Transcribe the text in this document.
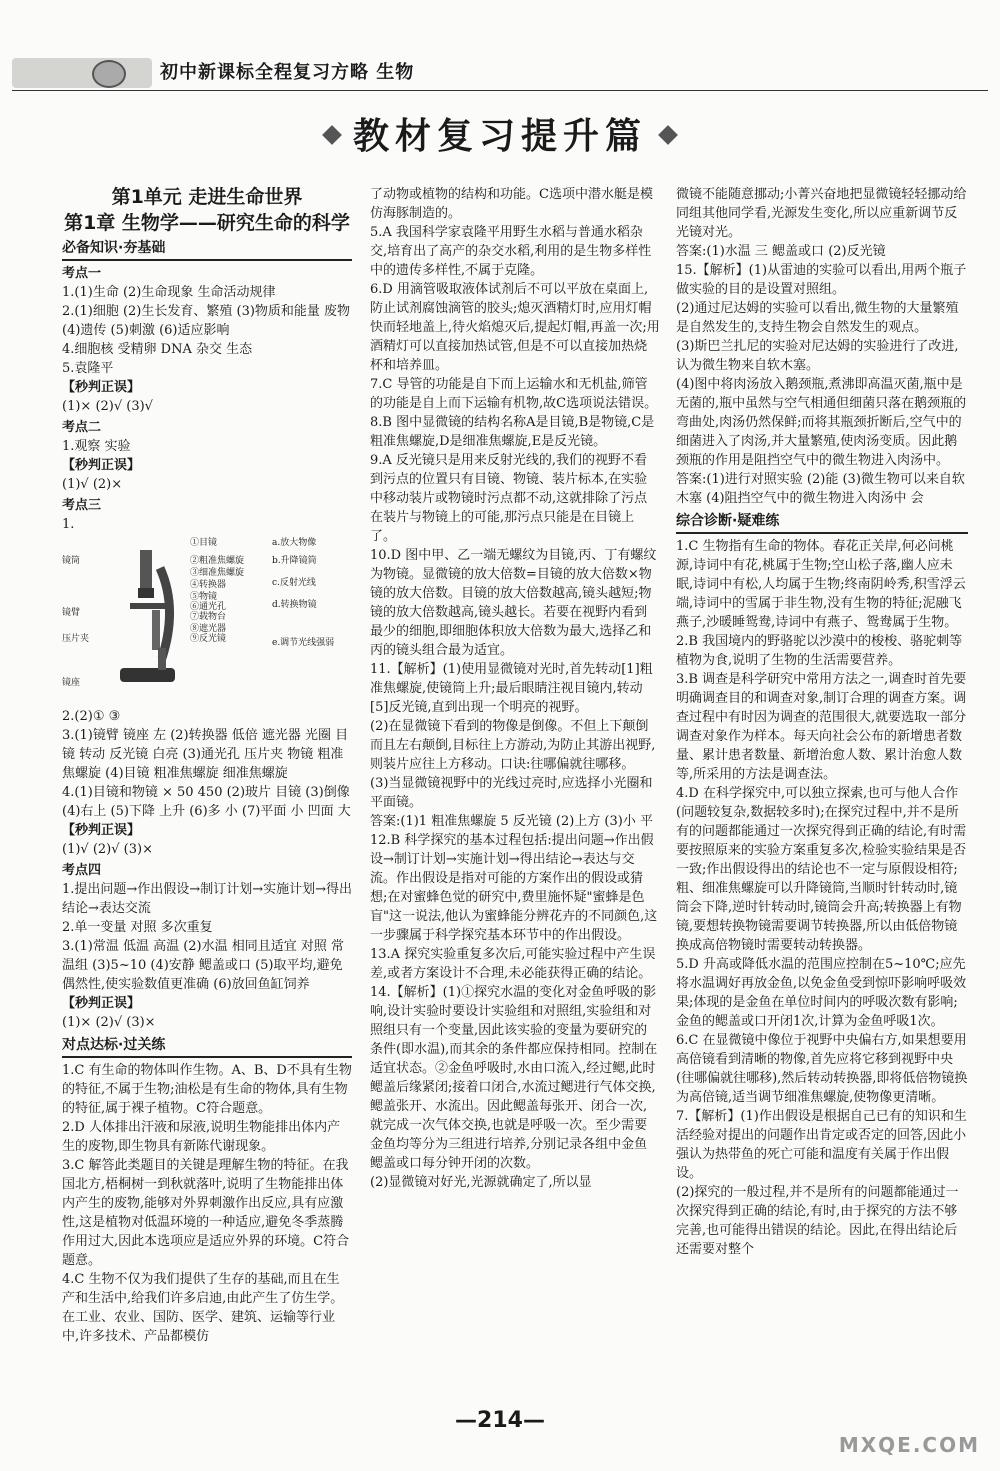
初中新课标全程复习方略 生物
教材复习提升篇
第1单元 走进生命世界
第1章 生物学——研究生命的科学
必备知识·夯基础
考点一

1.(1)生命 (2)生命现象 生命活动规律

2.(1)细胞 (2)生长发育、繁殖 (3)物质和能量 废物 (4)遗传 (5)刺激 (6)适应影响

4.细胞核 受精卵 DNA 杂交 生态

5.袁隆平

【秒判正误】

(1)× (2)√ (3)√

考点二

1.观察 实验

【秒判正误】

(1)√ (2)×

考点三

1.

①目镜
②粗准焦螺旋
③细准焦螺旋
④转换器
⑤物镜
⑥通光孔
⑦载物台
⑧遮光器
⑨反光镜
镜筒
镜臂
压片夹
镜座
a.放大物像
b.升降镜筒
c.反射光线
d.转换物镜
e.调节光线强弱

2.(2)① ③

3.(1)镜臂 镜座 左 (2)转换器 低倍 遮光器 光圈 目镜 转动 反光镜 白亮 (3)通光孔 压片夹 物镜 粗准焦螺旋 (4)目镜 粗准焦螺旋 细准焦螺旋

4.(1)目镜和物镜 × 50 450 (2)玻片 目镜 (3)倒像 (4)右上 (5)下降 上升 (6)多 小 (7)平面 小 凹面 大

【秒判正误】

(1)√ (2)√ (3)×

考点四

1.提出问题→作出假设→制订计划→实施计划→得出结论→表达交流

2.单一变量 对照 多次重复

3.(1)常温 低温 高温 (2)水温 相同且适宜 对照 常温组 (3)5~10 (4)安静 鳃盖或口 (5)取平均,避免偶然性,使实验数值更准确 (6)放回鱼缸饲养

【秒判正误】

(1)× (2)√ (3)×

对点达标·过关练

1.C 有生命的物体叫作生物。A、B、D不具有生物的特征,不属于生物;油松是有生命的物体,具有生物的特征,属于裸子植物。C符合题意。

2.D 人体排出汗液和尿液,说明生物能排出体内产生的废物,即生物具有新陈代谢现象。

3.C 解答此类题目的关键是理解生物的特征。在我国北方,梧桐树一到秋就落叶,说明了生物能排出体内产生的废物,能够对外界刺激作出反应,具有应激性,这是植物对低温环境的一种适应,避免冬季蒸腾作用过大,因此本选项应是适应外界的环境。C符合题意。

4.C 生物不仅为我们提供了生存的基础,而且在生产和生活中,给我们许多启迪,由此产生了仿生学。在工业、农业、国防、医学、建筑、运输等行业中,许多技术、产品都模仿

了动物或植物的结构和功能。C选项中潜水艇是模仿海豚制造的。

5.A 我国科学家袁隆平用野生水稻与普通水稻杂交,培育出了高产的杂交水稻,利用的是生物多样性中的遗传多样性,不属于克隆。

6.D 用滴管吸取液体试剂后不可以平放在桌面上,防止试剂腐蚀滴管的胶头;熄灭酒精灯时,应用灯帽快而轻地盖上,待火焰熄灭后,提起灯帽,再盖一次;用酒精灯可以直接加热试管,但是不可以直接加热烧杯和培养皿。

7.C 导管的功能是自下而上运输水和无机盐,筛管的功能是自上而下运输有机物,故C选项说法错误。

8.B 图中显微镜的结构名称A是目镜,B是物镜,C是粗准焦螺旋,D是细准焦螺旋,E是反光镜。

9.A 反光镜只是用来反射光线的,我们的视野不看到污点的位置只有目镜、物镜、装片标本,在实验中移动装片或物镜时污点都不动,这就排除了污点在装片与物镜上的可能,那污点只能是在目镜上了。

10.D 图中甲、乙一端无螺纹为目镜,丙、丁有螺纹为物镜。显微镜的放大倍数=目镜的放大倍数×物镜的放大倍数。目镜的放大倍数越高,镜头越短;物镜的放大倍数越高,镜头越长。若要在视野内看到最少的细胞,即细胞体积放大倍数为最大,选择乙和丙的镜头组合最为适宜。

11.【解析】(1)使用显微镜对光时,首先转动[1]粗准焦螺旋,使镜筒上升;最后眼睛注视目镜内,转动[5]反光镜,直到出现一个明亮的视野。

(2)在显微镜下看到的物像是倒像。不但上下颠倒而且左右颠倒,目标往上方游动,为防止其游出视野,则装片应往上方移动。口诀:往哪偏就往哪移。

(3)当显微镜视野中的光线过亮时,应选择小光圈和平面镜。

答案:(1)1 粗准焦螺旋 5 反光镜 (2)上方 (3)小 平

12.B 科学探究的基本过程包括:提出问题→作出假设→制订计划→实施计划→得出结论→表达与交流。作出假设是指对可能的方案作出的假设或猜想;在对蜜蜂色觉的研究中,费里施怀疑"蜜蜂是色盲"这一说法,他认为蜜蜂能分辨花卉的不同颜色,这一步骤属于科学探究基本环节中的作出假设。

13.A 探究实验重复多次后,可能实验过程中产生误差,或者方案设计不合理,未必能获得正确的结论。

14.【解析】(1)①探究水温的变化对金鱼呼吸的影响,设计实验时要设计实验组和对照组,实验组和对照组只有一个变量,因此该实验的变量为要研究的条件(即水温),而其余的条件都应保持相同。控制在适宜状态。②金鱼呼吸时,水由口流入,经过鳃,此时鳃盖后缘紧闭;接着口闭合,水流过鳃进行气体交换,鳃盖张开、水流出。因此鳃盖每张开、闭合一次,就完成一次气体交换,也就是呼吸一次。至少需要金鱼均等分为三组进行培养,分别记录各组中金鱼鳃盖或口每分钟开闭的次数。

(2)显微镜对好光,光源就确定了,所以显

微镜不能随意挪动;小菁兴奋地把显微镜轻轻挪动给同组其他同学看,光源发生变化,所以应重新调节反光镜对光。

答案:(1)水温 三 鳃盖或口 (2)反光镜

15.【解析】(1)从雷迪的实验可以看出,用两个瓶子做实验的目的是设置对照组。

(2)通过尼达姆的实验可以看出,微生物的大量繁殖是自然发生的,支持生物会自然发生的观点。

(3)斯巴兰扎尼的实验对尼达姆的实验进行了改进,认为微生物来自软木塞。

(4)图中将肉汤放入鹅颈瓶,煮沸即高温灭菌,瓶中是无菌的,瓶中虽然与空气相通但细菌只落在鹅颈瓶的弯曲处,肉汤仍然保鲜;而将其瓶颈折断后,空气中的细菌进入了肉汤,并大量繁殖,使肉汤变质。因此鹅颈瓶的作用是阻挡空气中的微生物进入肉汤中。

答案:(1)进行对照实验 (2)能 (3)微生物可以来自软木塞 (4)阻挡空气中的微生物进入肉汤中 会

综合诊断·疑难练

1.C 生物指有生命的物体。春花正关岸,何必问桃源,诗词中有花,桃属于生物;空山松子落,幽人应未眠,诗词中有松,人均属于生物;终南阴岭秀,积雪浮云端,诗词中的雪属于非生物,没有生物的特征;泥融飞燕子,沙暖睡鸳鸯,诗词中有燕子、鸳鸯属于生物。

2.B 我国境内的野骆驼以沙漠中的梭梭、骆驼刺等植物为食,说明了生物的生活需要营养。

3.B 调查是科学研究中常用方法之一,调查时首先要明确调查目的和调查对象,制订合理的调查方案。调查过程中有时因为调查的范围很大,就要选取一部分调查对象作为样本。每天向社会公布的新增患者数量、累计患者数量、新增治愈人数、累计治愈人数等,所采用的方法是调查法。

4.D 在科学探究中,可以独立探索,也可与他人合作(问题较复杂,数据较多时);在探究过程中,并不是所有的问题都能通过一次探究得到正确的结论,有时需要按照原来的实验方案重复多次,检验实验结果是否一致;作出假设得出的结论也不一定与原假设相符;粗、细准焦螺旋可以升降镜筒,当顺时针转动时,镜筒会下降,逆时针转动时,镜筒会升高;转换器上有物镜,要想转换物镜需要调节转换器,所以由低倍物镜换成高倍物镜时需要转动转换器。

5.D 升高或降低水温的范围应控制在5~10℃;应先将水温调好再放金鱼,以免金鱼受到惊吓影响呼吸效果;体现的是金鱼在单位时间内的呼吸次数有影响;金鱼的鳃盖或口开闭1次,计算为金鱼呼吸1次。

6.C 在显微镜中像位于视野中央偏右方,如果想要用高倍镜看到清晰的物像,首先应将它移到视野中央(往哪偏就往哪移),然后转动转换器,即将低倍物镜换为高倍镜,适当调节细准焦螺旋,使物像更清晰。

7.【解析】(1)作出假设是根据自己已有的知识和生活经验对提出的问题作出肯定或否定的回答,因此小强认为热带鱼的死亡可能和温度有关属于作出假设。

(2)探究的一般过程,并不是所有的问题都能通过一次探究得到正确的结论,有时,由于探究的方法不够完善,也可能得出错误的结论。因此,在得出结论后还需要对整个

—214—
MXQE.COM
